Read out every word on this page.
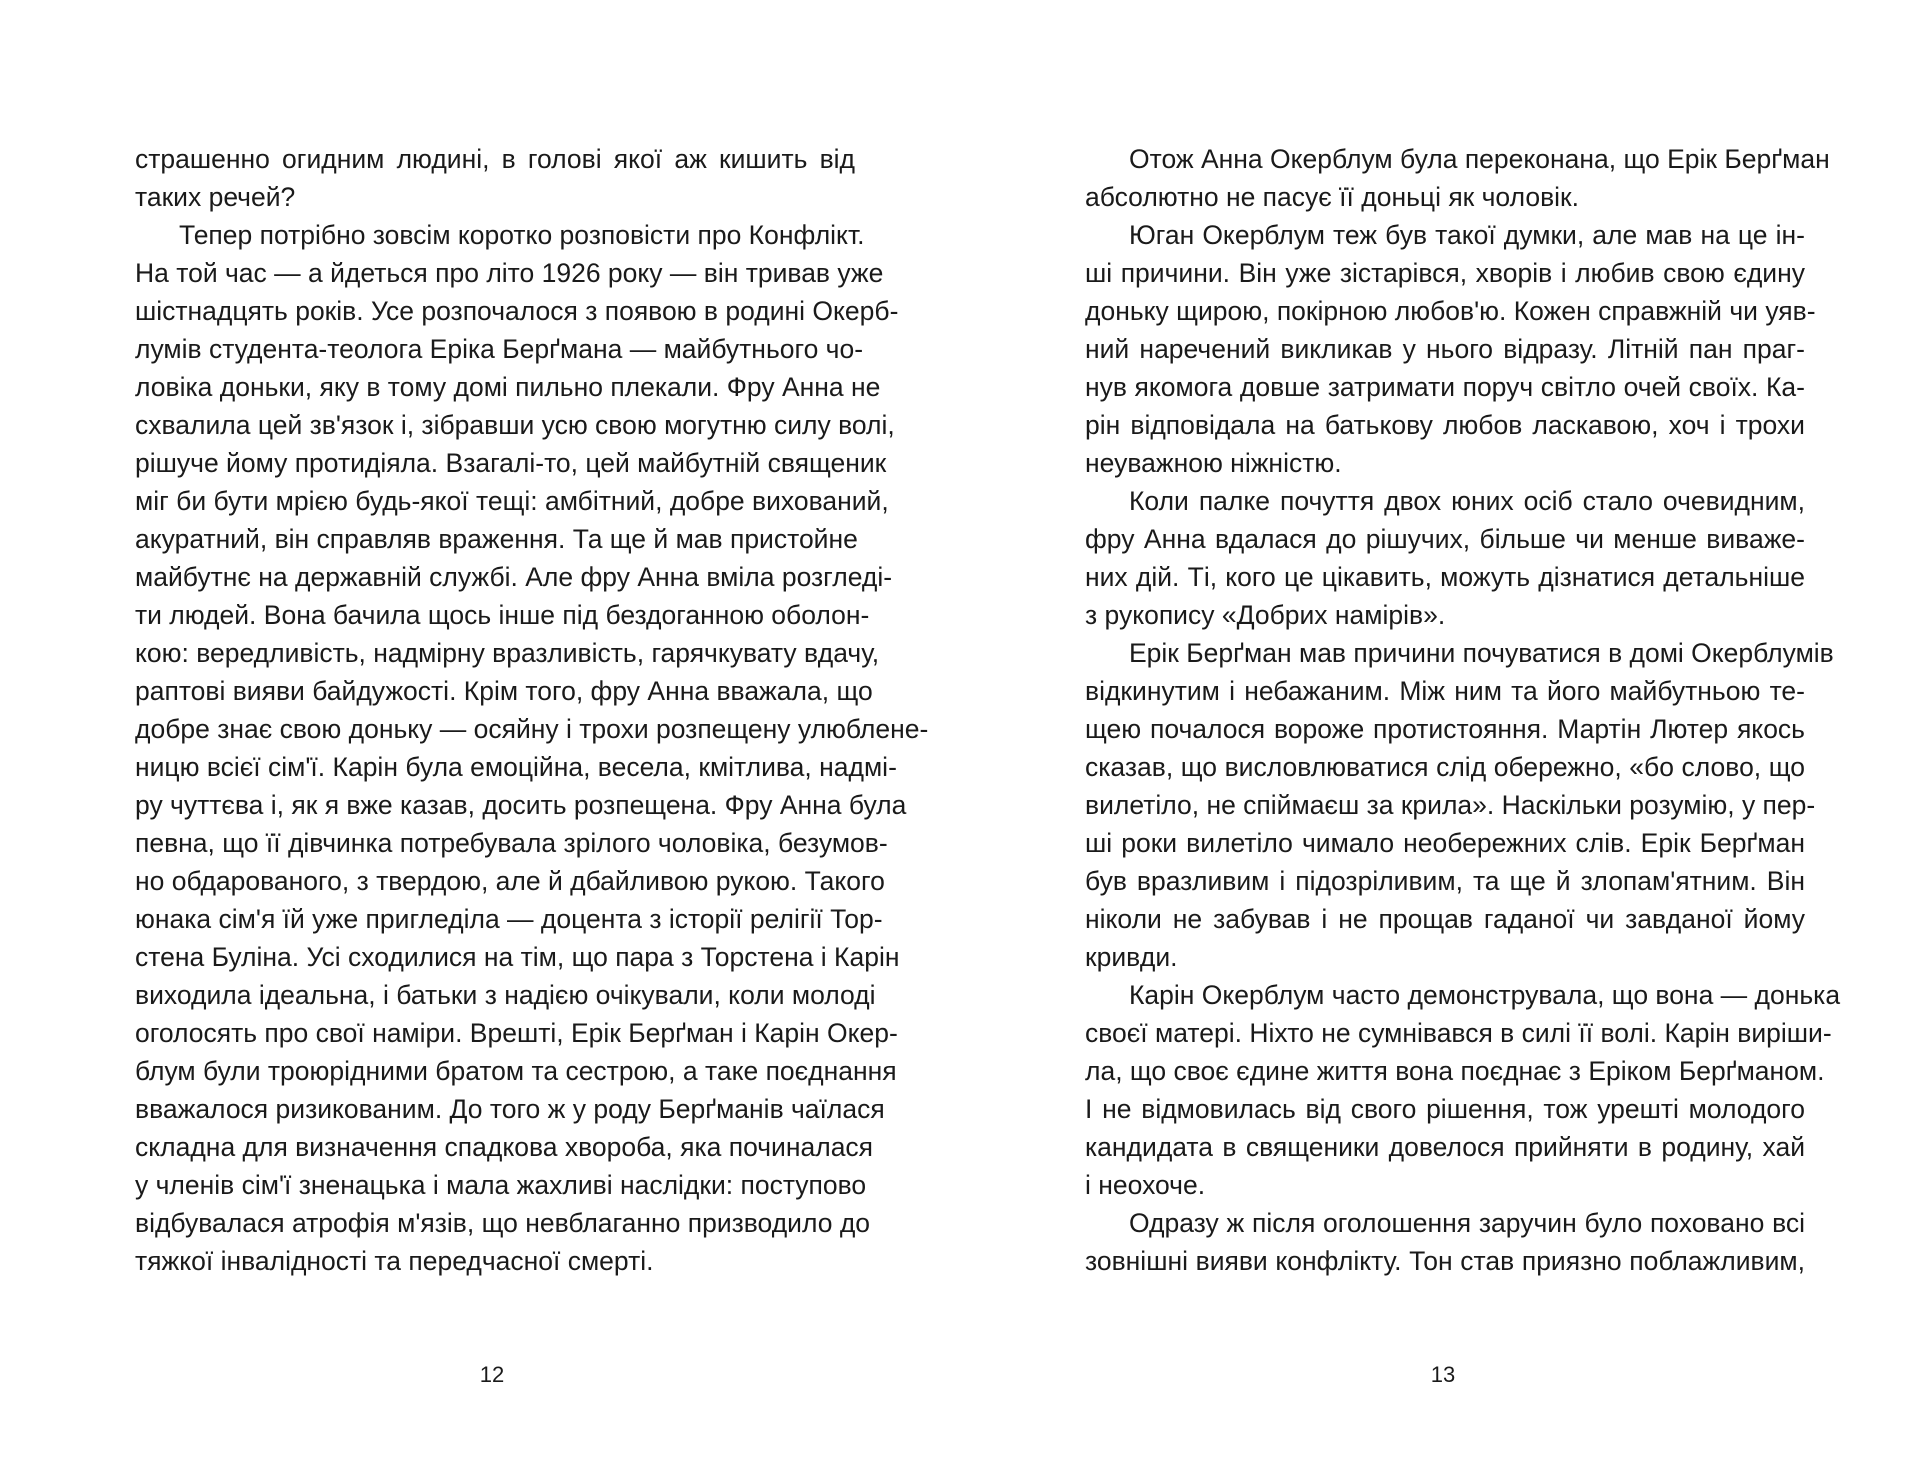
страшенно огидним людині, в голові якої аж кишить від
таких речей?
Тепер потрібно зовсім коротко розповісти про Конфлікт.
На той час — а йдеться про літо 1926 року — він тривав уже
шістнадцять років. Усе розпочалося з появою в родині Окерб-
лумів студента-теолога Еріка Берґмана — майбутнього чо-
ловіка доньки, яку в тому домі пильно плекали. Фру Анна не
схвалила цей зв'язок і, зібравши усю свою могутню силу волі,
рішуче йому протидіяла. Взагалі-то, цей майбутній священик
міг би бути мрією будь-якої тещі: амбітний, добре вихований,
акуратний, він справляв враження. Та ще й мав пристойне
майбутнє на державній службі. Але фру Анна вміла розгледі-
ти людей. Вона бачила щось інше під бездоганною оболон-
кою: вередливість, надмірну вразливість, гарячкувату вдачу,
раптові вияви байдужості. Крім того, фру Анна вважала, що
добре знає свою доньку — осяйну і трохи розпещену улюблене-
ницю всієї сім'ї. Карін була емоційна, весела, кмітлива, надмі-
ру чуттєва і, як я вже казав, досить розпещена. Фру Анна була
певна, що її дівчинка потребувала зрілого чоловіка, безумов-
но обдарованого, з твердою, але й дбайливою рукою. Такого
юнака сім'я їй уже пригледіла — доцента з історії релігії Тор-
стена Буліна. Усі сходилися на тім, що пара з Торстена і Карін
виходила ідеальна, і батьки з надією очікували, коли молоді
оголосять про свої наміри. Врешті, Ерік Берґман і Карін Окер-
блум були троюрідними братом та сестрою, а таке поєднання
вважалося ризикованим. До того ж у роду Берґманів чаїлася
складна для визначення спадкова хвороба, яка починалася
у членів сім'ї зненацька і мала жахливі наслідки: поступово
відбувалася атрофія м'язів, що невблаганно призводило до
тяжкої інвалідності та передчасної смерті.
12
Отож Анна Окерблум була переконана, що Ерік Берґман
абсолютно не пасує її доньці як чоловік.
Юган Окерблум теж був такої думки, але мав на це ін-
ші причини. Він уже зістарівся, хворів і любив свою єдину
доньку щирою, покірною любов'ю. Кожен справжній чи уяв-
ний наречений викликав у нього відразу. Літній пан праг-
нув якомога довше затримати поруч світло очей своїх. Ка-
рін відповідала на батькову любов ласкавою, хоч і трохи
неуважною ніжністю.
Коли палке почуття двох юних осіб стало очевидним,
фру Анна вдалася до рішучих, більше чи менше виваже-
них дій. Ті, кого це цікавить, можуть дізнатися детальніше
з рукопису «Добрих намірів».
Ерік Берґман мав причини почуватися в домі Окерблумів
відкинутим і небажаним. Між ним та його майбутньою те-
щею почалося вороже протистояння. Мартін Лютер якось
сказав, що висловлюватися слід обережно, «бо слово, що
вилетіло, не спіймаєш за крила». Наскільки розумію, у пер-
ші роки вилетіло чимало необережних слів. Ерік Берґман
був вразливим і підозріливим, та ще й злопам'ятним. Він
ніколи не забував і не прощав гаданої чи завданої йому
кривди.
Карін Окерблум часто демонструвала, що вона — донька
своєї матері. Ніхто не сумнівався в силі її волі. Карін виріши-
ла, що своє єдине життя вона поєднає з Еріком Берґманом.
І не відмовилась від свого рішення, тож урешті молодого
кандидата в священики довелося прийняти в родину, хай
і неохоче.
Одразу ж після оголошення заручин було поховано всі
зовнішні вияви конфлікту. Тон став приязно поблажливим,
13
